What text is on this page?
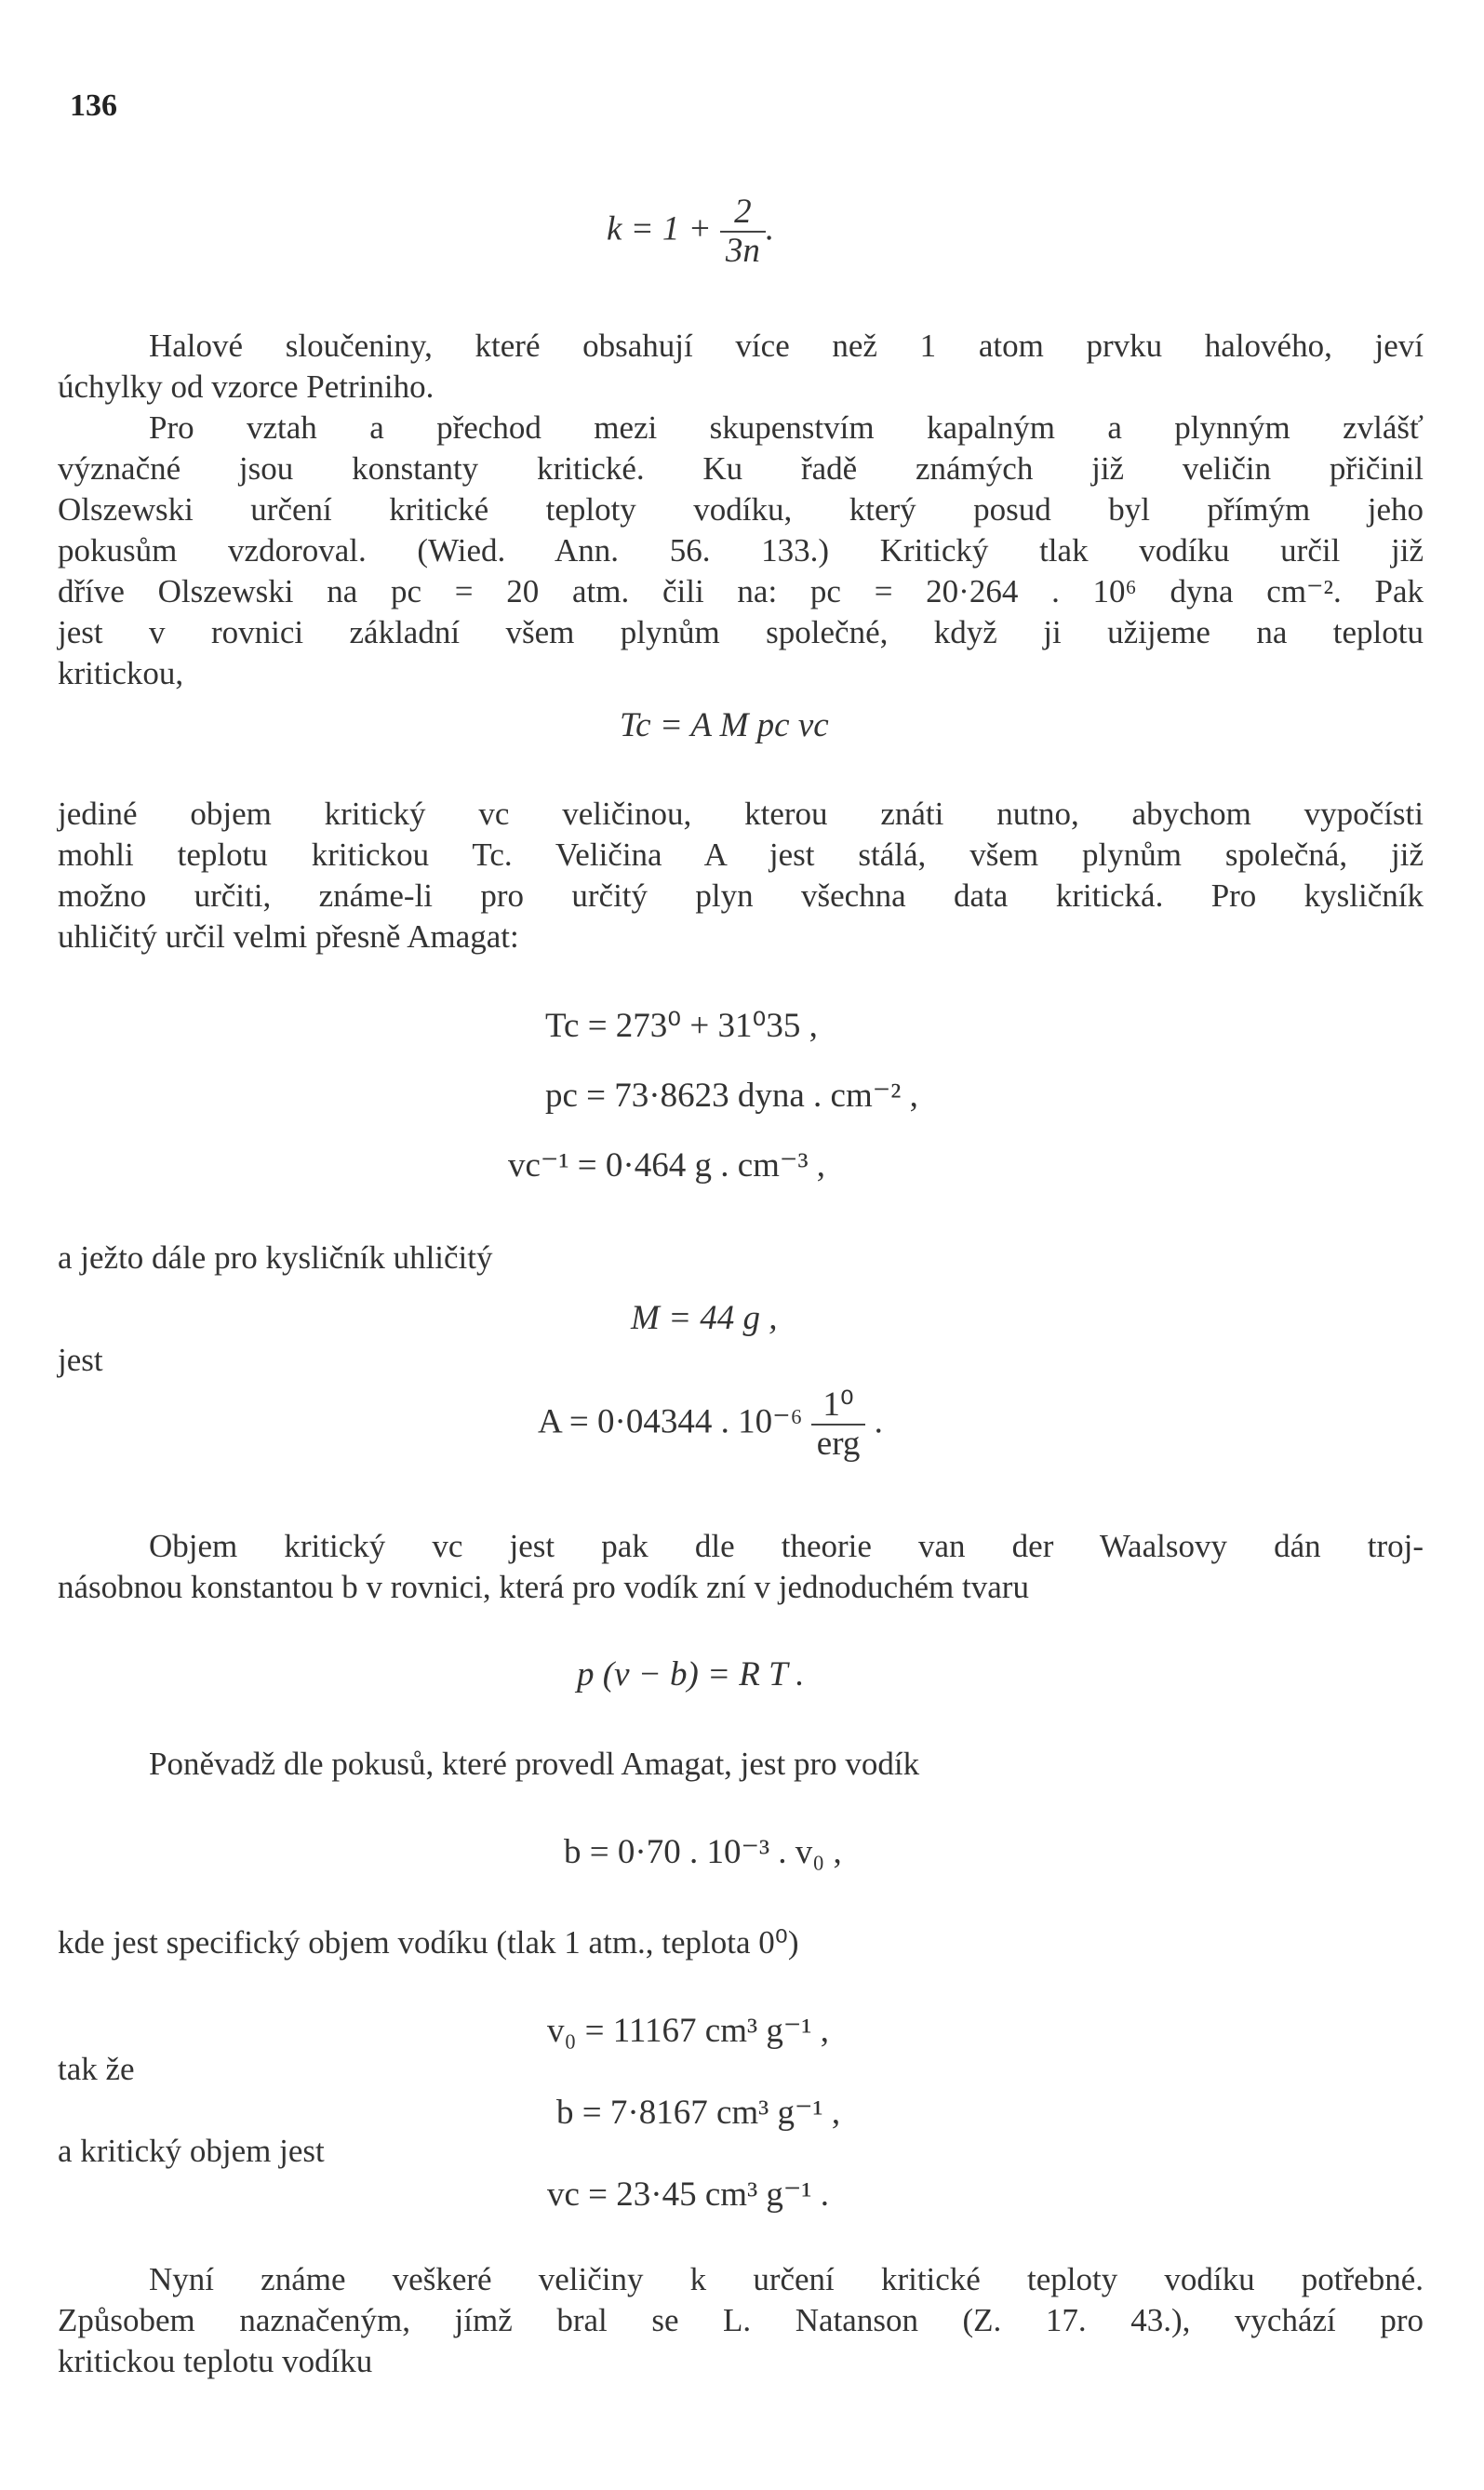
136
$k = 1 + \frac{2}{3n}$ .
Halové sloučeniny, které obsahují více než 1 atom prvku halového, jeví
úchylky od vzorce Petriniho.
Pro vztah a přechod mezi skupenstvím kapalným a plynným zvlášť
význačné jsou konstanty kritické. Ku řadě známých již veličin přičinil
Olszewski určení kritické teploty vodíku, který posud byl přímým jeho
pokusům vzdoroval. (Wied. Ann. 56. 133.) Kritický tlak vodíku určil již
dříve Olszewski na pc = 20 atm. čili na: pc = 20·264 . 10⁶ dyna cm⁻². Pak
jest v rovnici základní všem plynům společné, když ji užijeme na teplotu
kritickou,
Tc = A M pc vc
jediné objem kritický vc veličinou, kterou znáti nutno, abychom vypočísti
mohli teplotu kritickou Tc. Veličina A jest stálá, všem plynům společná, již
možno určiti, známe-li pro určitý plyn všechna data kritická. Pro kysličník
uhličitý určil velmi přesně Amagat:
Tc = 273⁰ + 31⁰35 ,
pc = 73·8623 dyna . cm⁻² ,
vc⁻¹ = 0·464 g . cm⁻³ ,
a ježto dále pro kysličník uhličitý
M = 44 g ,
jest
A = 0·04344 . $10^{-6} \frac{\text{1⁰}}{\text{erg}}$ .
Objem kritický vc jest pak dle theorie van der Waalsovy dán troj-
násobnou konstantou b v rovnici, která pro vodík zní v jednoduchém tvaru
p (v − b) = R T .
Poněvadž dle pokusů, které provedl Amagat, jest pro vodík
b = 0·70 . 10⁻³ . v₀ ,
kde jest specifický objem vodíku (tlak 1 atm., teplota 0⁰)
v₀ = 11167 cm³ g⁻¹ ,
tak že
b = 7·8167 cm³ g⁻¹ ,
a kritický objem jest
vc = 23·45 cm³ g⁻¹ .
Nyní známe veškeré veličiny k určení kritické teploty vodíku potřebné.
Způsobem naznačeným, jímž bral se L. Natanson (Z. 17. 43.), vychází pro
kritickou teplotu vodíku
